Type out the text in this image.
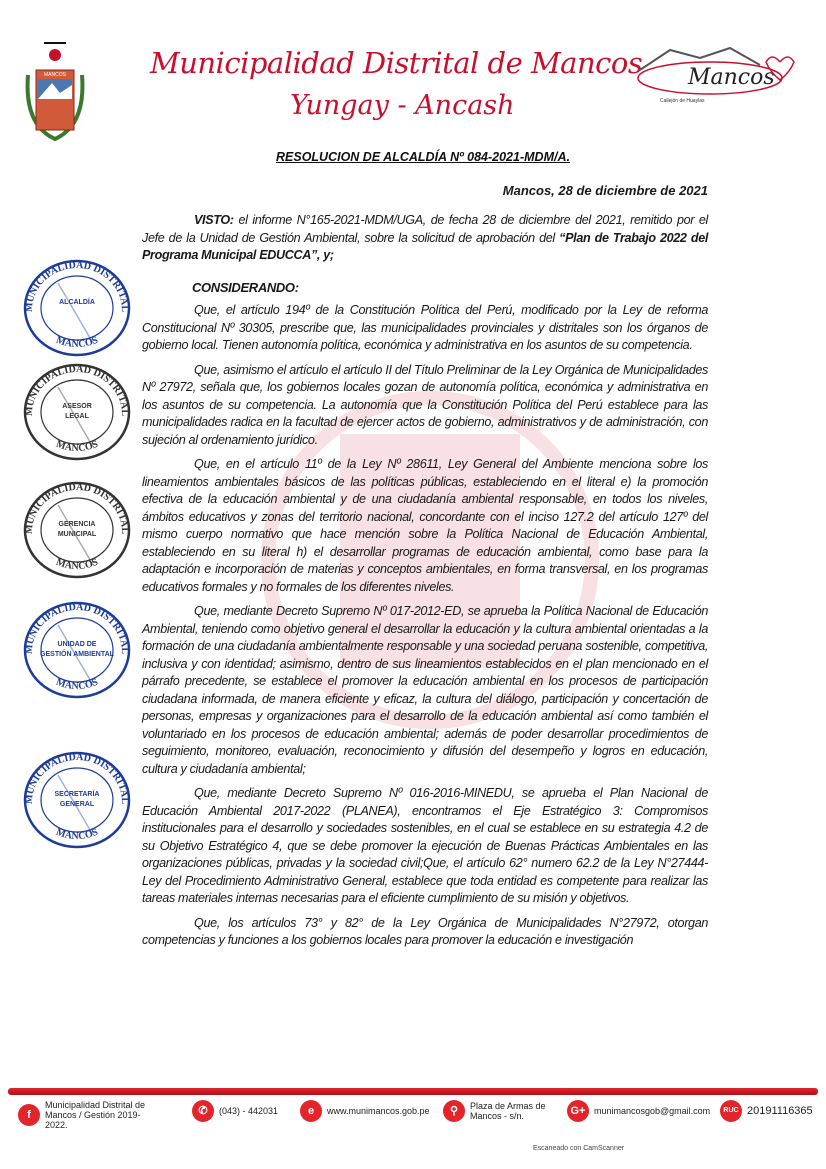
MANCOS	Municipalidad Distrital de Mancos
Yungay - Ancash
Mancos
Callejón de Huaylas
RESOLUCION DE ALCALDÍA Nº 084-2021-MDM/A.
Mancos, 28 de diciembre de 2021

VISTO: el informe N°165-2021-MDM/UGA, de fecha 28 de diciembre del 2021, remitido por el Jefe de la Unidad de Gestión Ambiental, sobre la solicitud de aprobación del “Plan de Trabajo 2022 del Programa Municipal EDUCCA”, y;

CONSIDERANDO:

Que, el artículo 194º de la Constitución Política del Perú, modificado por la Ley de reforma Constitucional Nº 30305, prescribe que, las municipalidades provinciales y distritales son los órganos de gobierno local. Tienen autonomía política, económica y administrativa en los asuntos de su competencia.

Que, asimismo el artículo el artículo II del Título Preliminar de la Ley Orgánica de Municipalidades Nº 27972, señala que, los gobiernos locales gozan de autonomía política, económica y administrativa en los asuntos de su competencia. La autonomía que la Constitución Política del Perú establece para las municipalidades radica en la facultad de ejercer actos de gobierno, administrativos y de administración, con sujeción al ordenamiento jurídico.

Que, en el artículo 11º de la Ley Nº 28611, Ley General del Ambiente menciona sobre los lineamientos ambientales básicos de las políticas públicas, estableciendo en el literal e) la promoción efectiva de la educación ambiental y de una ciudadanía ambiental responsable, en todos los niveles, ámbitos educativos y zonas del territorio nacional, concordante con el inciso 127.2 del artículo 127º del mismo cuerpo normativo que hace mención sobre la Política Nacional de Educación Ambiental, estableciendo en su literal h) el desarrollar programas de educación ambiental, como base para la adaptación e incorporación de materias y conceptos ambientales, en forma transversal, en los programas educativos formales y no formales de los diferentes niveles.

Que, mediante Decreto Supremo Nº 017-2012-ED, se aprueba la Política Nacional de Educación Ambiental, teniendo como objetivo general el desarrollar la educación y la cultura ambiental orientadas a la formación de una ciudadanía ambientalmente responsable y una sociedad peruana sostenible, competitiva, inclusiva y con identidad; asimismo, dentro de sus lineamientos establecidos en el plan mencionado en el párrafo precedente, se establece el promover la educación ambiental en los procesos de participación ciudadana informada, de manera eficiente y eficaz, la cultura del diálogo, participación y concertación de personas, empresas y organizaciones para el desarrollo de la educación ambiental así como también el voluntariado en los procesos de educación ambiental; además de poder desarrollar procedimientos de seguimiento, monitoreo, evaluación, reconocimiento y difusión del desempeño y logros en educación, cultura y ciudadanía ambiental;

Que, mediante Decreto Supremo Nº 016-2016-MINEDU, se aprueba el Plan Nacional de Educación Ambiental 2017-2022 (PLANEA), encontramos el Eje Estratégico 3: Compromisos institucionales para el desarrollo y sociedades sostenibles, en el cual se establece en su estrategia 4.2 de su Objetivo Estratégico 4, que se debe promover la ejecución de Buenas Prácticas Ambientales en las organizaciones públicas, privadas y la sociedad civil;Que, el artículo 62° numero 62.2 de la Ley N°27444-Ley del Procedimiento Administrativo General, establece que toda entidad es competente para realizar las tareas materiales internas necesarias para el eficiente cumplimiento de su misión y objetivos.

Que, los artículos 73° y 82° de la Ley Orgánica de Municipalidades N°27972, otorgan competencias y funciones a los gobiernos locales para promover la educación e investigación

MUNICIPALIDAD DISTRITAL
MANCOS
ALCALDÍA
MUNICIPALIDAD DISTRITAL
MANCOS
ASESOR
LEGAL
MUNICIPALIDAD DISTRITAL
MANCOS
GERENCIA
MUNICIPAL
MUNICIPALIDAD DISTRITAL
MANCOS
UNIDAD DE
GESTIÓN AMBIENTAL
MUNICIPALIDAD DISTRITAL
MANCOS
SECRETARÍA
GENERAL
f
Municipalidad Distrital de Mancos / Gestión 2019-2022.
✆	(043) - 442031	e	www.munimancos.gob.pe	⚲	Plaza de Armas de Mancos - s/n.	G+ munimancosgob@gmail.com	RUC 20191116365
Escaneado con CamScanner
